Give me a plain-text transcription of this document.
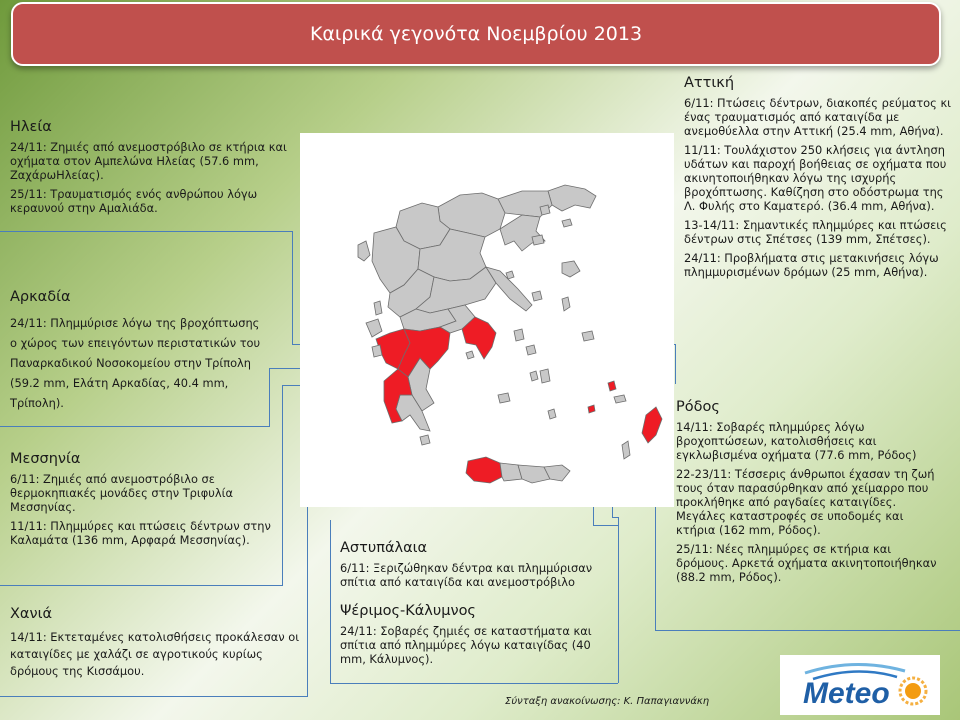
Καιρικά γεγονότα Νοεμβρίου 2013
Ηλεία

24/11: Ζημιές από ανεμοστρόβιλο σε κτήρια και οχήματα στον Αμπελώνα Ηλείας (57.6 mm, ΖαχάρωΗλείας).

25/11: Τραυματισμός ενός ανθρώπου λόγω κεραυνού στην Αμαλιάδα.

Αρκαδία

24/11: Πλημμύρισε λόγω της βροχόπτωσης ο χώρος των επειγόντων περιστατικών του Παναρκαδικού Νοσοκομείου στην Τρίπολη (59.2 mm, Ελάτη Αρκαδίας, 40.4 mm, Τρίπολη).

Μεσσηνία

6/11: Ζημιές από ανεμοστρόβιλο σε θερμοκηπιακές μονάδες στην Τριφυλία Μεσσηνίας.

11/11: Πλημμύρες και πτώσεις δέντρων στην Καλαμάτα (136 mm, Αρφαρά Μεσσηνίας).

Χανιά

14/11: Εκτεταμένες κατολισθήσεις προκάλεσαν οι καταιγίδες με χαλάζι σε αγροτικούς κυρίως δρόμους της Κισσάμου.

Αττική

6/11: Πτώσεις δέντρων, διακοπές ρεύματος κι ένας τραυματισμός από καταιγίδα με ανεμοθύελλα στην Αττική (25.4 mm, Αθήνα).

11/11: Τουλάχιστον 250 κλήσεις για άντληση υδάτων και παροχή βοήθειας σε οχήματα που ακινητοποιήθηκαν λόγω της ισχυρής βροχόπτωσης. Καθίζηση στο οδόστρωμα της Λ. Φυλής στο Καματερό. (36.4 mm, Αθήνα).

13-14/11: Σημαντικές πλημμύρες και πτώσεις δέντρων στις Σπέτσες (139 mm, Σπέτσες).

24/11: Προβλήματα στις μετακινήσεις λόγω πλημμυρισμένων δρόμων (25 mm, Αθήνα).

Ρόδος

14/11: Σοβαρές πλημμύρες λόγω βροχοπτώσεων, κατολισθήσεις και εγκλωβισμένα οχήματα (77.6 mm, Ρόδος)

22-23/11: Τέσσερις άνθρωποι έχασαν τη ζωή τους όταν παρασύρθηκαν από χείμαρρο που προκλήθηκε από ραγδαίες καταιγίδες. Μεγάλες καταστροφές σε υποδομές και κτήρια (162 mm, Ρόδος).

25/11: Νέες πλημμύρες σε κτήρια και δρόμους. Αρκετά οχήματα ακινητοποιήθηκαν (88.2 mm, Ρόδος).

Αστυπάλαια

6/11: Ξεριζώθηκαν δέντρα και πλημμύρισαν σπίτια από καταιγίδα και ανεμοστρόβιλο

Ψέριμος-Κάλυμνος

24/11: Σοβαρές ζημιές σε καταστήματα και σπίτια από πλημμύρες λόγω καταιγίδας (40 mm, Κάλυμνος).

Σύνταξη ανακοίνωσης: Κ. Παπαγιαννάκη	Meteo
